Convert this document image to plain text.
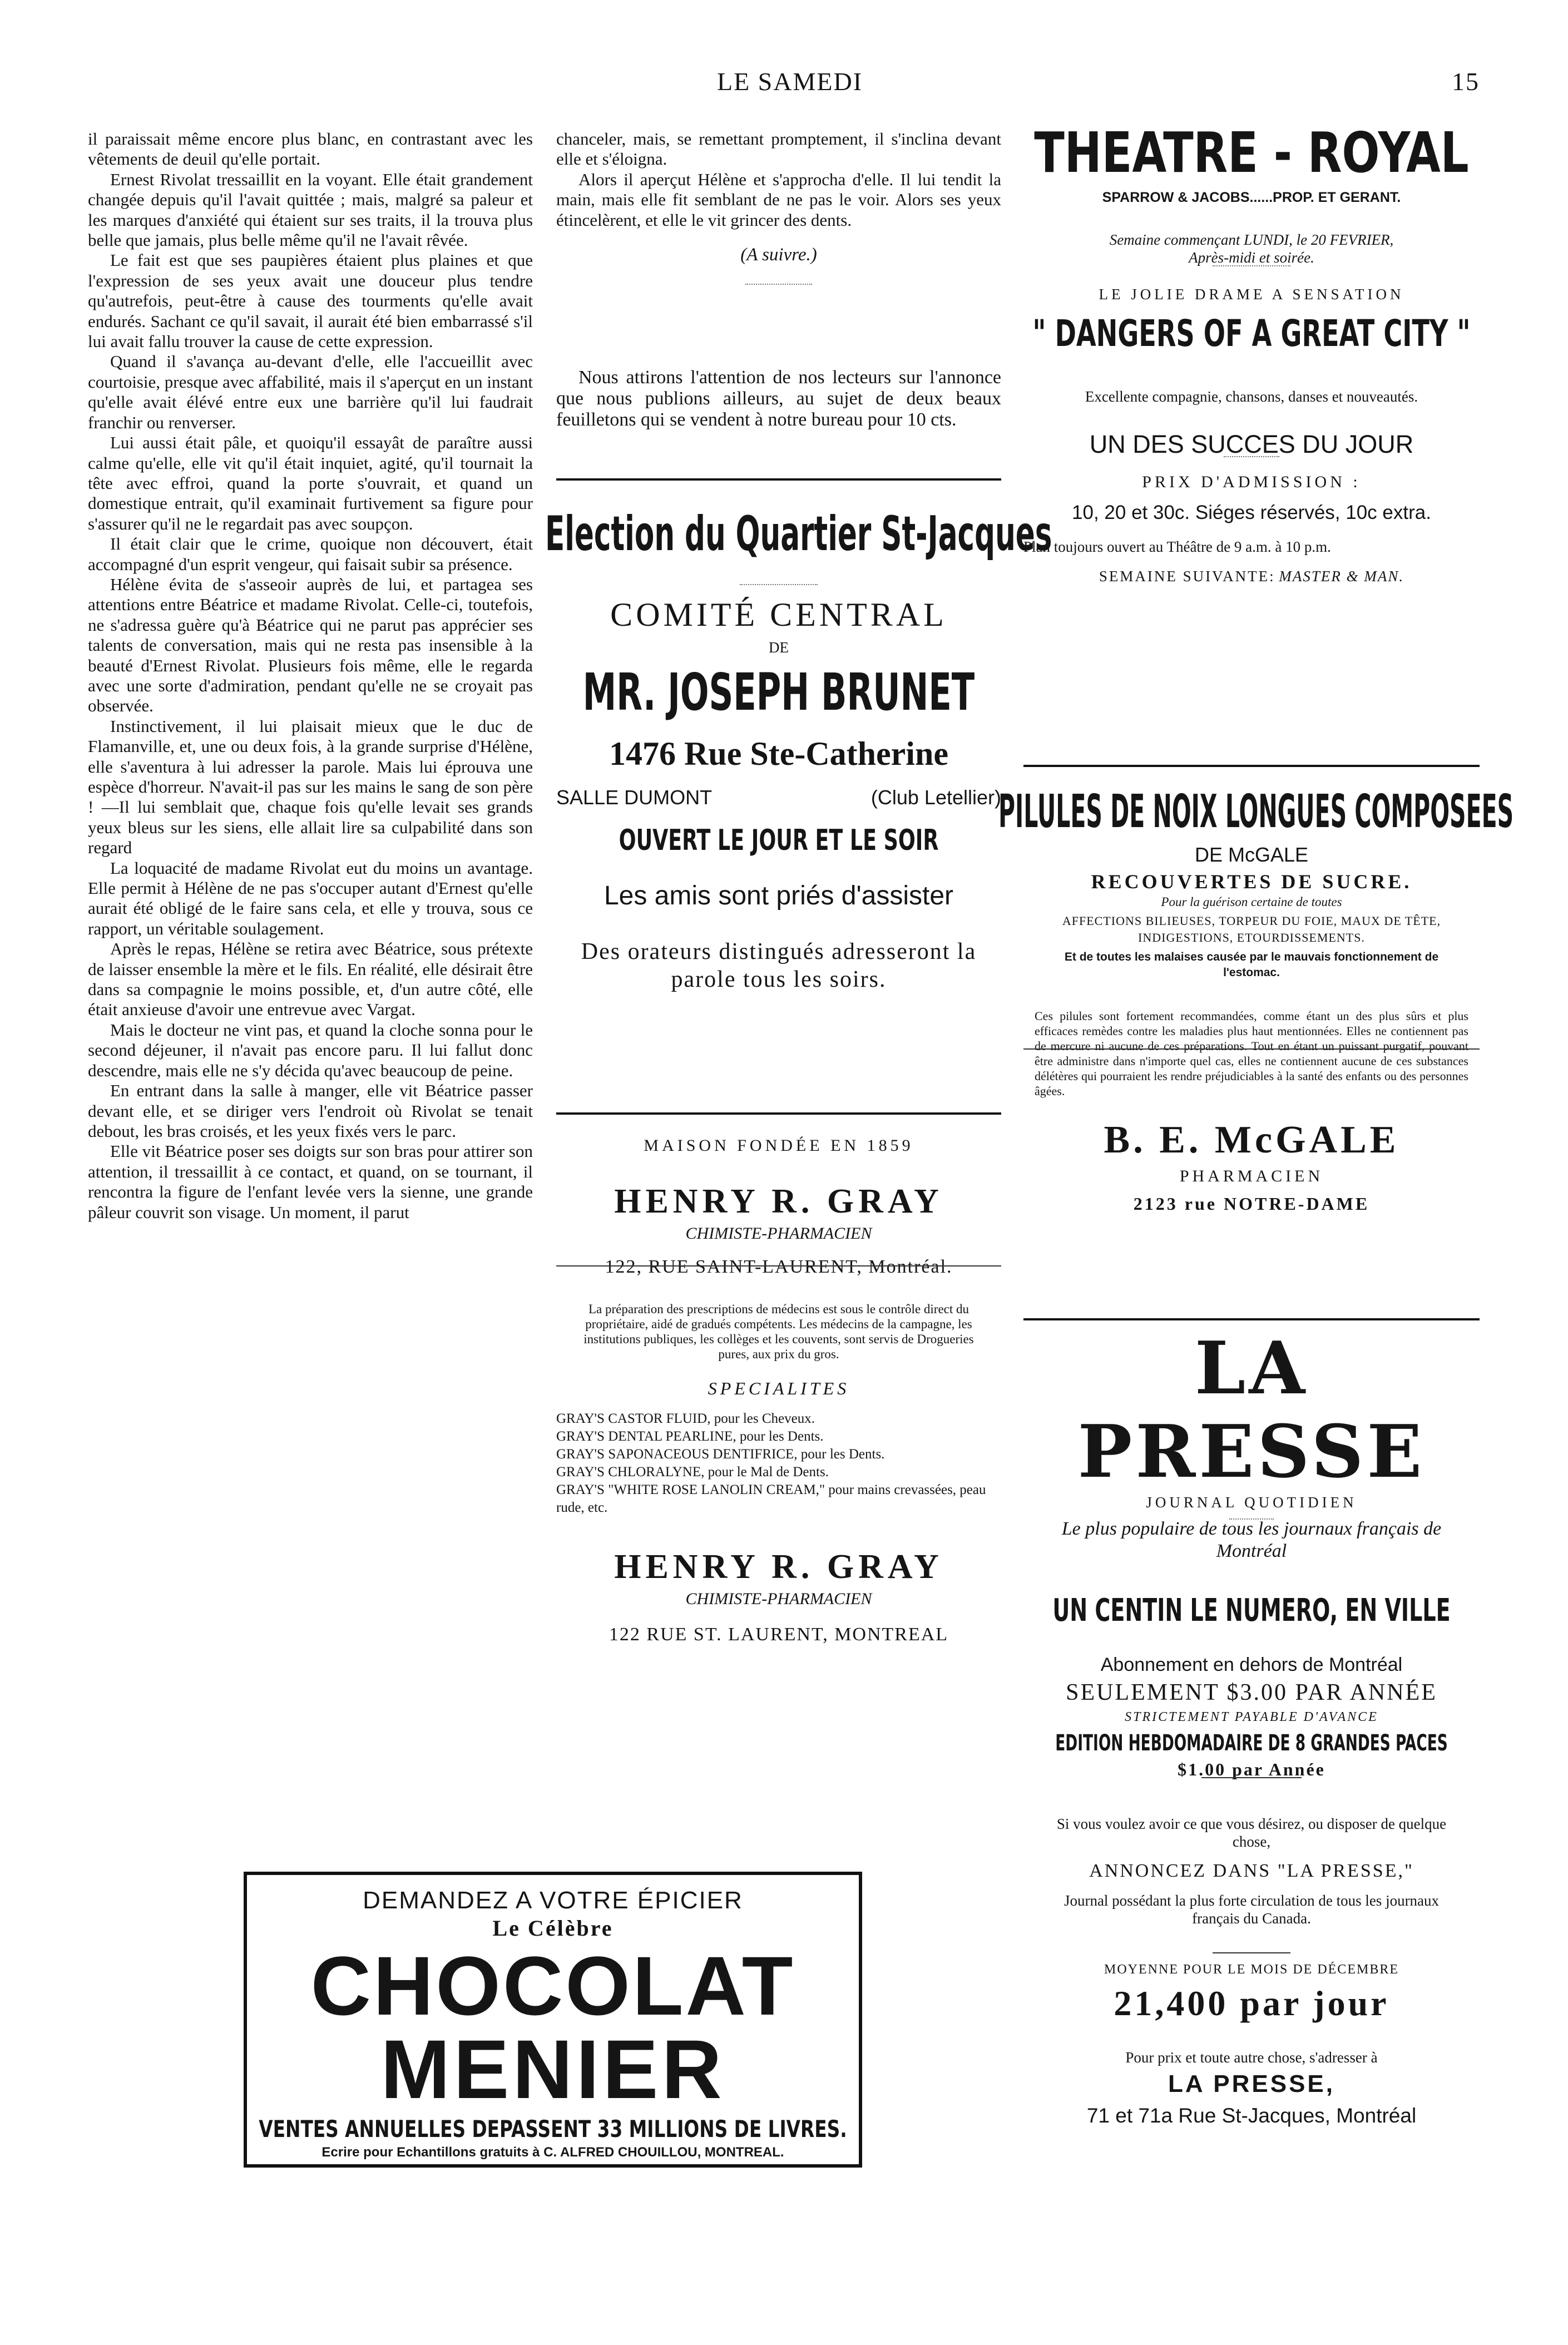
LE SAMEDI	15

il paraissait même encore plus blanc, en contrastant avec les vêtements de deuil qu'elle portait.

Ernest Rivolat tressaillit en la voyant. Elle était grandement changée depuis qu'il l'avait quittée ; mais, malgré sa paleur et les marques d'anxiété qui étaient sur ses traits, il la trouva plus belle que jamais, plus belle même qu'il ne l'avait rêvée.

Le fait est que ses paupières étaient plus plaines et que l'expression de ses yeux avait une douceur plus tendre qu'autrefois, peut-être à cause des tourments qu'elle avait endurés. Sachant ce qu'il savait, il aurait été bien embarrassé s'il lui avait fallu trouver la cause de cette expression.

Quand il s'avança au-devant d'elle, elle l'accueillit avec courtoisie, presque avec affabilité, mais il s'aperçut en un instant qu'elle avait élévé entre eux une barrière qu'il lui faudrait franchir ou renverser.

Lui aussi était pâle, et quoiqu'il essayât de paraître aussi calme qu'elle, elle vit qu'il était inquiet, agité, qu'il tournait la tête avec effroi, quand la porte s'ouvrait, et quand un domestique entrait, qu'il examinait furtivement sa figure pour s'assurer qu'il ne le regardait pas avec soupçon.

Il était clair que le crime, quoique non découvert, était accompagné d'un esprit vengeur, qui faisait subir sa présence.

Hélène évita de s'asseoir auprès de lui, et partagea ses attentions entre Béatrice et madame Rivolat. Celle-ci, toutefois, ne s'adressa guère qu'à Béatrice qui ne parut pas apprécier ses talents de conversation, mais qui ne resta pas insensible à la beauté d'Ernest Rivolat. Plusieurs fois même, elle le regarda avec une sorte d'admiration, pendant qu'elle ne se croyait pas observée.

Instinctivement, il lui plaisait mieux que le duc de Flamanville, et, une ou deux fois, à la grande surprise d'Hélène, elle s'aventura à lui adresser la parole. Mais lui éprouva une espèce d'horreur. N'avait-il pas sur les mains le sang de son père ! —Il lui semblait que, chaque fois qu'elle levait ses grands yeux bleus sur les siens, elle allait lire sa culpabilité dans son regard

La loquacité de madame Rivolat eut du moins un avantage. Elle permit à Hélène de ne pas s'occuper autant d'Ernest qu'elle aurait été obligé de le faire sans cela, et elle y trouva, sous ce rapport, un véritable soulagement.

Après le repas, Hélène se retira avec Béatrice, sous prétexte de laisser ensemble la mère et le fils. En réalité, elle désirait être dans sa compagnie le moins possible, et, d'un autre côté, elle était anxieuse d'avoir une entrevue avec Vargat.

Mais le docteur ne vint pas, et quand la cloche sonna pour le second déjeuner, il n'avait pas encore paru. Il lui fallut donc descendre, mais elle ne s'y décida qu'avec beaucoup de peine.

En entrant dans la salle à manger, elle vit Béatrice passer devant elle, et se diriger vers l'endroit où Rivolat se tenait debout, les bras croisés, et les yeux fixés vers le parc.

Elle vit Béatrice poser ses doigts sur son bras pour attirer son attention, il tressaillit à ce contact, et quand, on se tournant, il rencontra la figure de l'enfant levée vers la sienne, une grande pâleur couvrit son visage. Un moment, il parut

chanceler, mais, se remettant promptement, il s'inclina devant elle et s'éloigna.

Alors il aperçut Hélène et s'approcha d'elle. Il lui tendit la main, mais elle fit semblant de ne pas le voir. Alors ses yeux étincelèrent, et elle le vit grincer des dents.

(A suivre.)

Nous attirons l'attention de nos lecteurs sur l'annonce que nous publions ailleurs, au sujet de deux beaux feuilletons qui se vendent à notre bureau pour 10 cts.

Election du Quartier St-Jacques
COMITÉ CENTRAL
DE
MR. JOSEPH BRUNET
1476 Rue Ste-Catherine
SALLE DUMONT	(Club Letellier)
OUVERT LE JOUR ET LE SOIR
Les amis sont priés d'assister
Des orateurs distingués adresseront la parole tous les soirs.
MAISON FONDÉE EN 1859
HENRY R. GRAY
CHIMISTE-PHARMACIEN
122, RUE SAINT-LAURENT, Montréal.
La préparation des prescriptions de médecins est sous le contrôle direct du propriétaire, aidé de gradués compétents. Les médecins de la campagne, les institutions publiques, les collèges et les couvents, sont servis de Drogueries pures, aux prix du gros.
SPECIALITES
GRAY'S CASTOR FLUID, pour les Cheveux.
GRAY'S DENTAL PEARLINE, pour les Dents.
GRAY'S SAPONACEOUS DENTIFRICE, pour les Dents.
GRAY'S CHLORALYNE, pour le Mal de Dents.
GRAY'S "WHITE ROSE LANOLIN CREAM," pour mains crevassées, peau rude, etc.
HENRY R. GRAY
CHIMISTE-PHARMACIEN
122 RUE ST. LAURENT, MONTREAL
THEATRE - ROYAL
SPARROW & JACOBS......PROP. ET GERANT.
Semaine commençant LUNDI, le 20 FEVRIER,
Après-midi et soirée.
LE JOLIE DRAME A SENSATION
" DANGERS OF A GREAT CITY "
Excellente compagnie, chansons, danses et nouveautés.
UN DES SUCCES DU JOUR
PRIX D'ADMISSION :
10, 20 et 30c. Siéges réservés, 10c extra.
Plan toujours ouvert au Théâtre de 9 a.m. à 10 p.m.
SEMAINE SUIVANTE: MASTER & MAN.
PILULES DE NOIX LONGUES COMPOSEES
DE McGALE
RECOUVERTES DE SUCRE.
Pour la guérison certaine de toutes
AFFECTIONS BILIEUSES, TORPEUR DU FOIE, MAUX DE TÊTE, INDIGESTIONS, ETOURDISSEMENTS.
Et de toutes les malaises causée par le mauvais fonctionnement de l'estomac.
Ces pilules sont fortement recommandées, comme étant un des plus sûrs et plus efficaces remèdes contre les maladies plus haut mentionnées. Elles ne contiennent pas de mercure ni aucune de ces préparations. Tout en étant un puissant purgatif, pouvant être administre dans n'importe quel cas, elles ne contiennent aucune de ces substances délétères qui pourraient les rendre préjudiciables à la santé des enfants ou des personnes âgées.
B. E. McGALE
PHARMACIEN
2123 rue NOTRE-DAME
LA PRESSE
JOURNAL QUOTIDIEN
Le plus populaire de tous les journaux français de Montréal
UN CENTIN LE NUMERO, EN VILLE
Abonnement en dehors de Montréal
SEULEMENT $3.00 PAR ANNÉE
STRICTEMENT PAYABLE D'AVANCE
EDITION HEBDOMADAIRE DE 8 GRANDES PACES
$1.00 par Année
Si vous voulez avoir ce que vous désirez, ou disposer de quelque chose,
ANNONCEZ DANS "LA PRESSE,"
Journal possédant la plus forte circulation de tous les journaux français du Canada.
MOYENNE POUR LE MOIS DE DÉCEMBRE
21,400 par jour
Pour prix et toute autre chose, s'adresser à
LA PRESSE,
71 et 71a Rue St-Jacques, Montréal
DEMANDEZ A VOTRE ÉPICIER
Le Célèbre
CHOCOLAT
MENIER
VENTES ANNUELLES DEPASSENT 33 MILLIONS DE LIVRES.
Ecrire pour Echantillons gratuits à C. ALFRED CHOUILLOU, MONTREAL.
